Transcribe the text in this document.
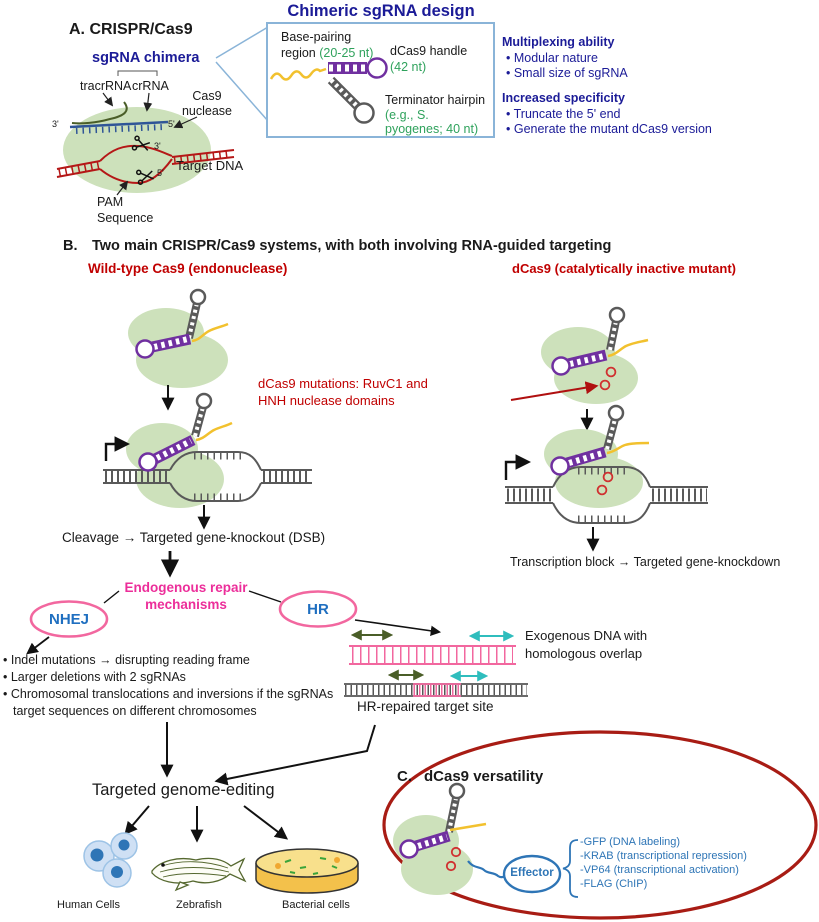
A. CRISPR/Cas9
sgRNA chimera
tracrRNA crRNA
Cas9
nuclease
Target DNA
PAM
Sequence
3'	5'
3'
5'
Chimeric sgRNA design
Base-pairing
region (20-25 nt) dCas9 handle
(42 nt)
Terminator hairpin
(e.g., S.
pyogenes; 40 nt)
Multiplexing ability
• Modular nature
• Small size of sgRNA
Increased specificity
• Truncate the 5' end
• Generate the mutant dCas9 version
B. Two main CRISPR/Cas9 systems, with both involving RNA-guided targeting
Wild-type Cas9 (endonuclease)	dCas9 (catalytically inactive mutant)
dCas9 mutations: RuvC1 and
HNH nuclease domains
Cleavage → Targeted gene-knockout (DSB)
Transcription block → Targeted gene-knockdown
Endogenous repair
mechanisms
NHEJ
HR
• Indel mutations → disrupting reading frame
• Larger deletions with 2 sgRNAs
• Chromosomal translocations and inversions if the sgRNAs target sequences on different chromosomes
Exogenous DNA with
homologous overlap
HR-repaired target site
Targeted genome-editing
Human Cells	Zebrafish	Bacterial cells
C. dCas9 versatility
Effector
-GFP (DNA labeling)
-KRAB (transcriptional repression)
-VP64 (transcriptional activation)
-FLAG (ChIP)
